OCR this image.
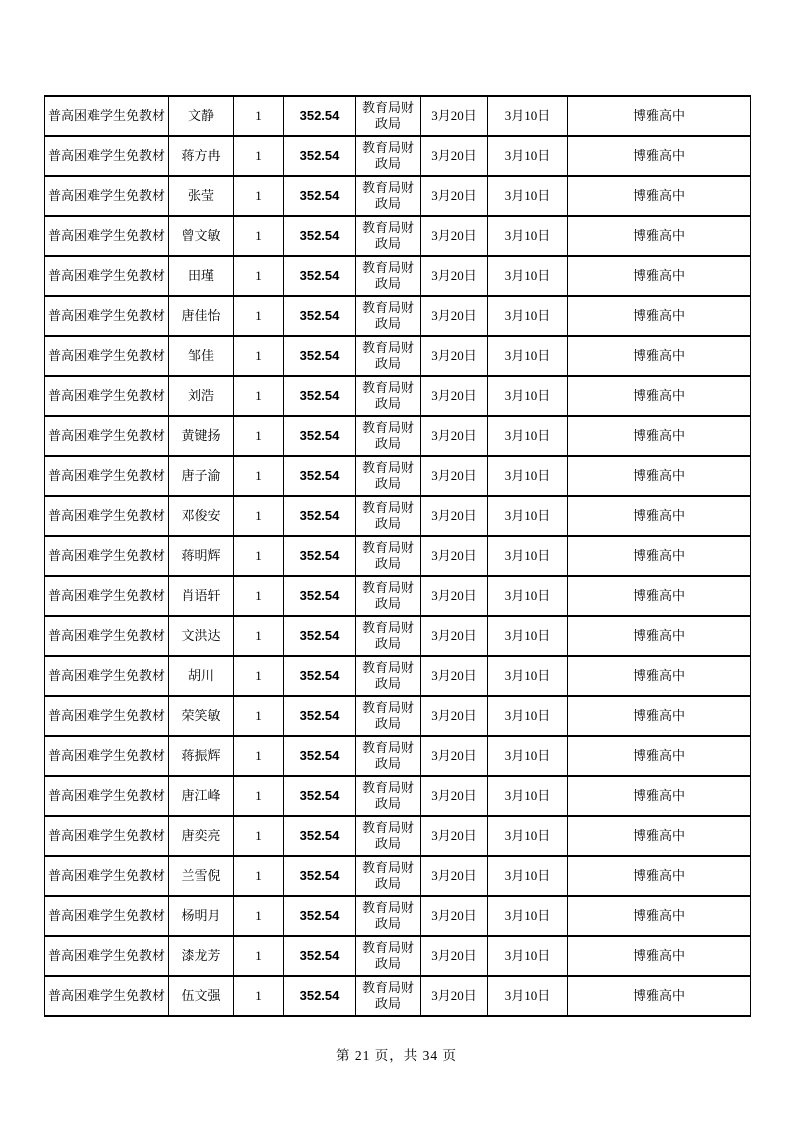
普高困难学生免教材	文静	1	352.54	教育局财政局	3月20日	3月10日	博雅高中
普高困难学生免教材	蒋方冉	1	352.54	教育局财政局	3月20日	3月10日	博雅高中
普高困难学生免教材	张莹	1	352.54	教育局财政局	3月20日	3月10日	博雅高中
普高困难学生免教材	曾文敏	1	352.54	教育局财政局	3月20日	3月10日	博雅高中
普高困难学生免教材	田瑾	1	352.54	教育局财政局	3月20日	3月10日	博雅高中
普高困难学生免教材	唐佳怡	1	352.54	教育局财政局	3月20日	3月10日	博雅高中
普高困难学生免教材	邹佳	1	352.54	教育局财政局	3月20日	3月10日	博雅高中
普高困难学生免教材	刘浩	1	352.54	教育局财政局	3月20日	3月10日	博雅高中
普高困难学生免教材	黄键扬	1	352.54	教育局财政局	3月20日	3月10日	博雅高中
普高困难学生免教材	唐子渝	1	352.54	教育局财政局	3月20日	3月10日	博雅高中
普高困难学生免教材	邓俊安	1	352.54	教育局财政局	3月20日	3月10日	博雅高中
普高困难学生免教材	蒋明辉	1	352.54	教育局财政局	3月20日	3月10日	博雅高中
普高困难学生免教材	肖语轩	1	352.54	教育局财政局	3月20日	3月10日	博雅高中
普高困难学生免教材	文洪达	1	352.54	教育局财政局	3月20日	3月10日	博雅高中
普高困难学生免教材	胡川	1	352.54	教育局财政局	3月20日	3月10日	博雅高中
普高困难学生免教材	荣笑敏	1	352.54	教育局财政局	3月20日	3月10日	博雅高中
普高困难学生免教材	蒋振辉	1	352.54	教育局财政局	3月20日	3月10日	博雅高中
普高困难学生免教材	唐江峰	1	352.54	教育局财政局	3月20日	3月10日	博雅高中
普高困难学生免教材	唐奕亮	1	352.54	教育局财政局	3月20日	3月10日	博雅高中
普高困难学生免教材	兰雪倪	1	352.54	教育局财政局	3月20日	3月10日	博雅高中
普高困难学生免教材	杨明月	1	352.54	教育局财政局	3月20日	3月10日	博雅高中
普高困难学生免教材	漆龙芳	1	352.54	教育局财政局	3月20日	3月10日	博雅高中
普高困难学生免教材	伍文强	1	352.54	教育局财政局	3月20日	3月10日	博雅高中
第 21 页，共 34 页
